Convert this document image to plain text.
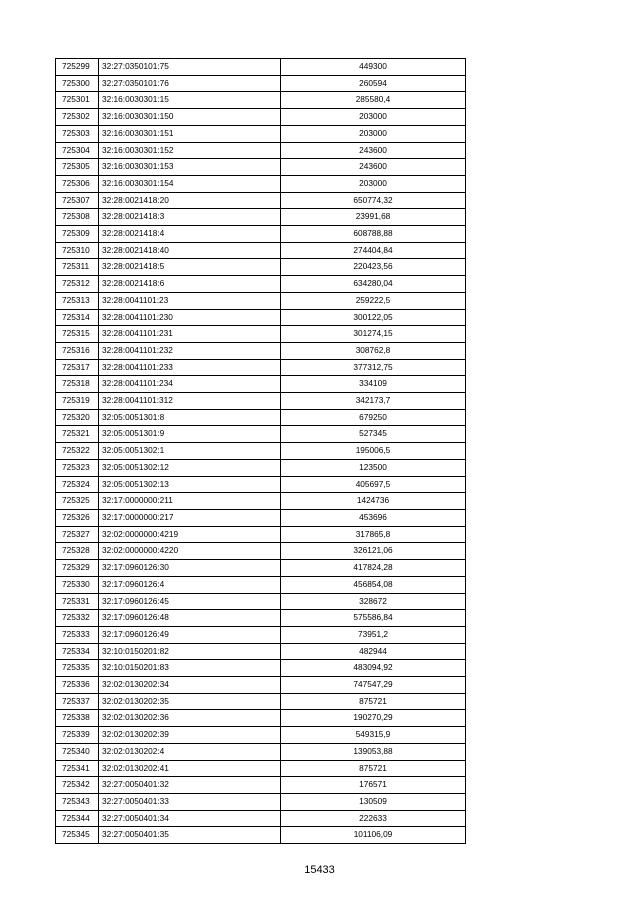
725299	32:27:0350101:75	449300
725300	32:27:0350101:76	260594
725301	32:16:0030301:15	285580,4
725302	32:16:0030301:150	203000
725303	32:16:0030301:151	203000
725304	32:16:0030301:152	243600
725305	32:16:0030301:153	243600
725306	32:16:0030301:154	203000
725307	32:28:0021418:20	650774,32
725308	32:28:0021418:3	23991,68
725309	32:28:0021418:4	608788,88
725310	32:28:0021418:40	274404,84
725311	32:28:0021418:5	220423,56
725312	32:28:0021418:6	634280,04
725313	32:28:0041101:23	259222,5
725314	32:28:0041101:230	300122,05
725315	32:28:0041101:231	301274,15
725316	32:28:0041101:232	308762,8
725317	32:28:0041101:233	377312,75
725318	32:28:0041101:234	334109
725319	32:28:0041101:312	342173,7
725320	32:05:0051301:8	679250
725321	32:05:0051301:9	527345
725322	32:05:0051302:1	195006,5
725323	32:05:0051302:12	123500
725324	32:05:0051302:13	405697,5
725325	32:17:0000000:211	1424736
725326	32:17:0000000:217	453696
725327	32:02:0000000:4219	317865,8
725328	32:02:0000000:4220	326121,06
725329	32:17:0960126:30	417824,28
725330	32:17:0960126:4	456854,08
725331	32:17:0960126:45	328672
725332	32:17:0960126:48	575586,84
725333	32:17:0960126:49	73951,2
725334	32:10:0150201:82	482944
725335	32:10:0150201:83	483094,92
725336	32:02:0130202:34	747547,29
725337	32:02:0130202:35	875721
725338	32:02:0130202:36	190270,29
725339	32:02:0130202:39	549315,9
725340	32:02:0130202:4	139053,88
725341	32:02:0130202:41	875721
725342	32:27:0050401:32	176571
725343	32:27:0050401:33	130509
725344	32:27:0050401:34	222633
725345	32:27:0050401:35	101106,09
15433
